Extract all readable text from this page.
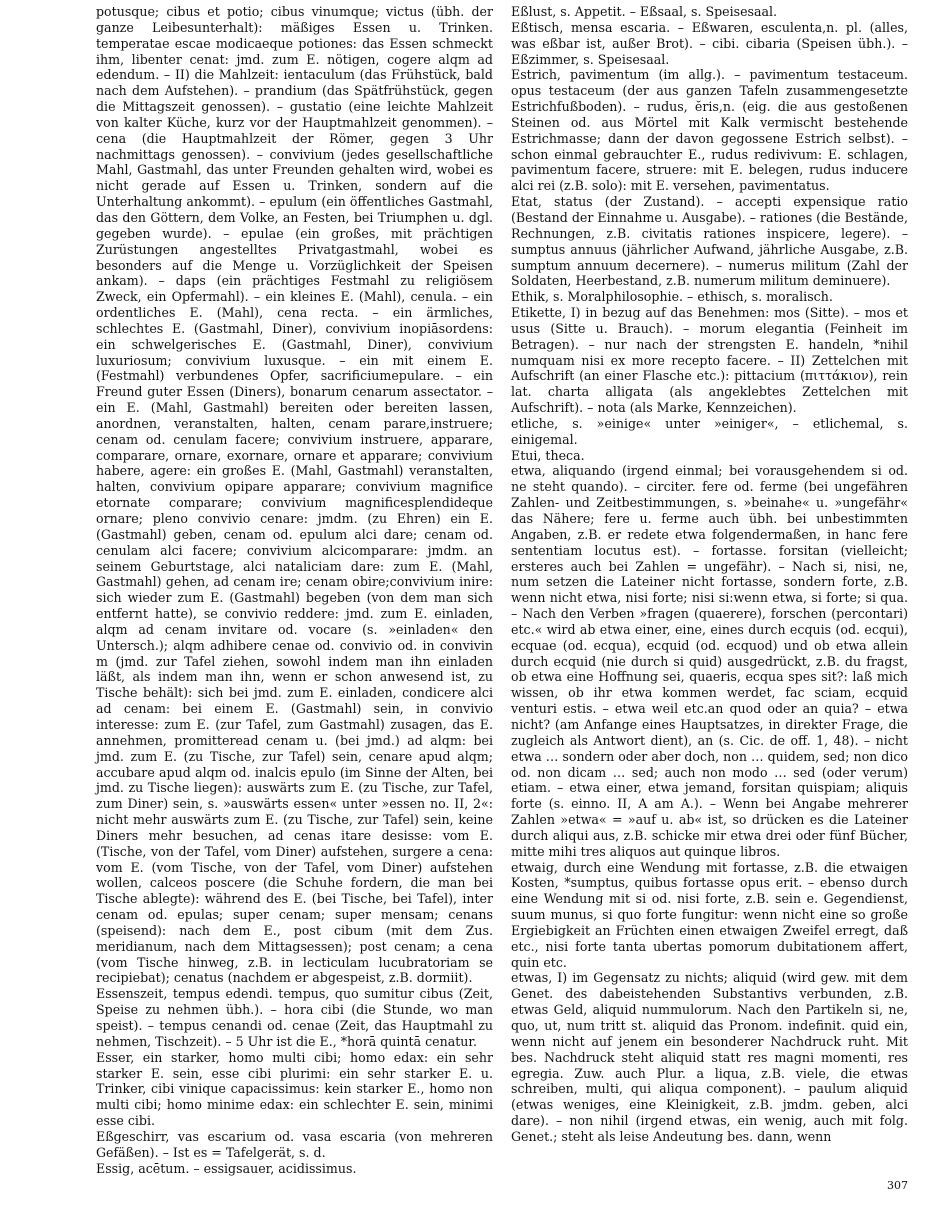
potusque; cibus et potio; cibus vinumque; victus (übh. der ganze Leibesunterhalt): mäßiges Essen u. Trinken. temperatae escae modicaeque potiones: das Essen schmeckt ihm, libenter cenat: jmd. zum E. nötigen, cogere alqm ad edendum. – II) die Mahlzeit: ientaculum (das Frühstück, bald nach dem Aufstehen). – prandium (das Spätfrühstück, gegen die Mittagszeit genossen). – gustatio (eine leichte Mahlzeit von kalter Küche, kurz vor der Hauptmahlzeit genommen). – cena (die Hauptmahlzeit der Römer, gegen 3 Uhr nachmittags genossen). – convivium (jedes gesellschaftliche Mahl, Gastmahl, das unter Freunden gehalten wird, wobei es nicht gerade auf Essen u. Trinken, sondern auf die Unterhaltung ankommt). – epulum (ein öffentliches Gastmahl, das den Göttern, dem Volke, an Festen, bei Triumphen u. dgl. gegeben wurde). – epulae (ein großes, mit prächtigen Zurüstungen angestelltes Privatgastmahl, wobei es besonders auf die Menge u. Vorzüglichkeit der Speisen ankam). – daps (ein prächtiges Festmahl zu religiösem Zweck, ein Opfermahl). – ein kleines E. (Mahl), cenula. – ein ordentliches E. (Mahl), cena recta. – ein ärmliches, schlechtes E. (Gastmahl, Diner), convivium inopiāsordens: ein schwelgerisches E. (Gastmahl, Diner), convivium luxuriosum; convivium luxusque. – ein mit einem E. (Festmahl) verbundenes Opfer, sacrificiumepulare. – ein Freund guter Essen (Diners), bonarum cenarum assectator. – ein E. (Mahl, Gastmahl) bereiten oder bereiten lassen, anordnen, veranstalten, halten, cenam parare,instruere; cenam od. cenulam facere; convivium instruere, apparare, comparare, ornare, exornare, ornare et apparare; convivium habere, agere: ein großes E. (Mahl, Gastmahl) veranstalten, halten, convivium opipare apparare; convivium magnifice etornate comparare; convivium magnificesplendideque ornare; pleno convivio cenare: jmdm. (zu Ehren) ein E. (Gastmahl) geben, cenam od. epulum alci dare; cenam od. cenulam alci facere; convivium alcicomparare: jmdm. an seinem Geburtstage, alci nataliciam dare: zum E. (Mahl, Gastmahl) gehen, ad cenam ire; cenam obire;convivium inire: sich wieder zum E. (Gastmahl) begeben (von dem man sich entfernt hatte), se convivio reddere: jmd. zum E. einladen, alqm ad cenam invitare od. vocare (s. »einladen« den Untersch.); alqm adhibere cenae od. convivio od. in convivin m (jmd. zur Tafel ziehen, sowohl indem man ihn einladen läßt, als indem man ihn, wenn er schon anwesend ist, zu Tische behält): sich bei jmd. zum E. einladen, condicere alci ad cenam: bei einem E. (Gastmahl) sein, in convivio interesse: zum E. (zur Tafel, zum Gastmahl) zusagen, das E. annehmen, promitteread cenam u. (bei jmd.) ad alqm: bei jmd. zum E. (zu Tische, zur Tafel) sein, cenare apud alqm; accubare apud alqm od. inalcis epulo (im Sinne der Alten, bei jmd. zu Tische liegen): auswärts zum E. (zu Tische, zur Tafel, zum Diner) sein, s. »auswärts essen« unter »essen no. II, 2«: nicht mehr auswärts zum E. (zu Tische, zur Tafel) sein, keine Diners mehr besuchen, ad cenas itare desisse: vom E. (Tische, von der Tafel, vom Diner) aufstehen, surgere a cena: vom E. (vom Tische, von der Tafel, vom Diner) aufstehen wollen, calceos poscere (die Schuhe fordern, die man bei Tische ablegte): während des E. (bei Tische, bei Tafel), inter cenam od. epulas; super cenam; super mensam; cenans (speisend): nach dem E., post cibum (mit dem Zus. meridianum, nach dem Mittagsessen); post cenam; a cena (vom Tische hinweg, z.B. in lecticulam lucubratoriam se recipiebat); cenatus (nachdem er abgespeist, z.B. dormiit).

Essenszeit, tempus edendi. tempus, quo sumitur cibus (Zeit, Speise zu nehmen übh.). – hora cibi (die Stunde, wo man speist). – tempus cenandi od. cenae (Zeit, das Hauptmahl zu nehmen, Tischzeit). – 5 Uhr ist die E., *horā quintā cenatur.

Esser, ein starker, homo multi cibi; homo edax: ein sehr starker E. sein, esse cibi plurimi: ein sehr starker E. u. Trinker, cibi vinique capacissimus: kein starker E., homo non multi cibi; homo minime edax: ein schlechter E. sein, minimi esse cibi.

Eßgeschirr, vas escarium od. vasa escaria (von mehreren Gefäßen). – Ist es = Tafelgerät, s. d.

Essig, acētum. – essigsauer, acidissimus.

Eßlust, s. Appetit. – Eßsaal, s. Speisesaal.

Eßtisch, mensa escaria. – Eßwaren, esculenta,n. pl. (alles, was eßbar ist, außer Brot). – cibi. cibaria (Speisen übh.). – Eßzimmer, s. Speisesaal.

Estrich, pavimentum (im allg.). – pavimentum testaceum. opus testaceum (der aus ganzen Tafeln zusammengesetzte Estrichfußboden). – rudus, ĕris,n. (eig. die aus gestoßenen Steinen od. aus Mörtel mit Kalk vermischt bestehende Estrichmasse; dann der davon gegossene Estrich selbst). – schon einmal gebrauchter E., rudus redivivum: E. schlagen, pavimentum facere, struere: mit E. belegen, rudus inducere alci rei (z.B. solo): mit E. versehen, pavimentatus.

Etat, status (der Zustand). – accepti expensique ratio (Bestand der Einnahme u. Ausgabe). – rationes (die Bestände, Rechnungen, z.B. civitatis rationes inspicere, legere). – sumptus annuus (jährlicher Aufwand, jährliche Ausgabe, z.B. sumptum annuum decernere). – numerus militum (Zahl der Soldaten, Heerbestand, z.B. numerum militum deminuere).

Ethik, s. Moralphilosophie. – ethisch, s. moralisch.

Etikette, I) in bezug auf das Benehmen: mos (Sitte). – mos et usus (Sitte u. Brauch). – morum elegantia (Feinheit im Betragen). – nur nach der strengsten E. handeln, *nihil numquam nisi ex more recepto facere. – II) Zettelchen mit Aufschrift (an einer Flasche etc.): pittacium (πιττάκιον), rein lat. charta alligata (als angeklebtes Zettelchen mit Aufschrift). – nota (als Marke, Kennzeichen).

etliche, s. »einige« unter »einiger«, – etlichemal, s. einigemal.

Etui, theca.

etwa, aliquando (irgend einmal; bei vorausgehendem si od. ne steht quando). – circiter. fere od. ferme (bei ungefähren Zahlen- und Zeitbestimmungen, s. »beinahe« u. »ungefähr« das Nähere; fere u. ferme auch übh. bei unbestimmten Angaben, z.B. er redete etwa folgendermaßen, in hanc fere sententiam locutus est). – fortasse. forsitan (vielleicht; ersteres auch bei Zahlen = ungefähr). – Nach si, nisi, ne, num setzen die Lateiner nicht fortasse, sondern forte, z.B. wenn nicht etwa, nisi forte; nisi si:wenn etwa, si forte; si qua. – Nach den Verben »fragen (quaerere), forschen (percontari) etc.« wird ab etwa einer, eine, eines durch ecquis (od. ecqui), ecquae (od. ecqua), ecquid (od. ecquod) und ob etwa allein durch ecquid (nie durch si quid) ausgedrückt, z.B. du fragst, ob etwa eine Hoffnung sei, quaeris, ecqua spes sit?: laß mich wissen, ob ihr etwa kommen werdet, fac sciam, ecquid venturi estis. – etwa weil etc.an quod oder an quia? – etwa nicht? (am Anfange eines Hauptsatzes, in direkter Frage, die zugleich als Antwort dient), an (s. Cic. de off. 1, 48). – nicht etwa … sondern oder aber doch, non … quidem, sed; non dico od. non dicam … sed; auch non modo … sed (oder verum) etiam. – etwa einer, etwa jemand, forsitan quispiam; aliquis forte (s. einno. II, A am A.). – Wenn bei Angabe mehrerer Zahlen »etwa« = »auf u. ab« ist, so drücken es die Lateiner durch aliqui aus, z.B. schicke mir etwa drei oder fünf Bücher, mitte mihi tres aliquos aut quinque libros.

etwaig, durch eine Wendung mit fortasse, z.B. die etwaigen Kosten, *sumptus, quibus fortasse opus erit. – ebenso durch eine Wendung mit si od. nisi forte, z.B. sein e. Gegendienst, suum munus, si quo forte fungitur: wenn nicht eine so große Ergiebigkeit an Früchten einen etwaigen Zweifel erregt, daß etc., nisi forte tanta ubertas pomorum dubitationem affert, quin etc.

etwas, I) im Gegensatz zu nichts; aliquid (wird gew. mit dem Genet. des dabeistehenden Substantivs verbunden, z.B. etwas Geld, aliquid nummulorum. Nach den Partikeln si, ne, quo, ut, num tritt st. aliquid das Pronom. indefinit. quid ein, wenn nicht auf jenem ein besonderer Nachdruck ruht. Mit bes. Nachdruck steht aliquid statt res magni momenti, res egregia. Zuw. auch Plur. a liqua, z.B. viele, die etwas schreiben, multi, qui aliqua component). – paulum aliquid (etwas weniges, eine Kleinigkeit, z.B. jmdm. geben, alci dare). – non nihil (irgend etwas, ein wenig, auch mit folg. Genet.; steht als leise Andeutung bes. dann, wenn

307
